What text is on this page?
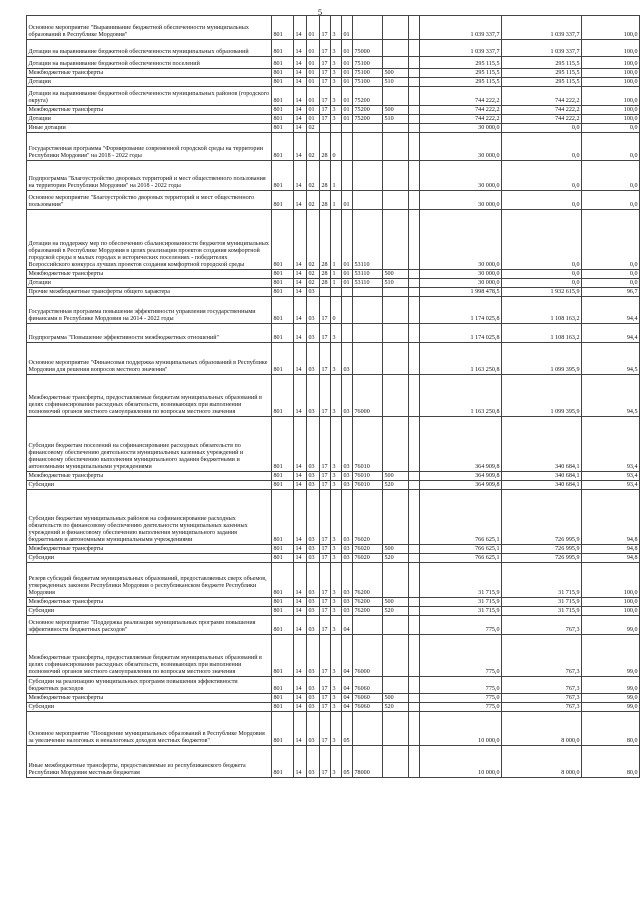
5
Основное мероприятие "Выравнивание бюджетной обеспеченности муниципальных образований в Республике Мордовия"	801	14	01	17	3	01				1 039 337,7	1 039 337,7	100,0
Дотации на выравнивание бюджетной обеспеченности муниципальных образований	801	14	01	17	3	01	75000			1 039 337,7	1 039 337,7	100,0
Дотации на выравнивание бюджетной обеспеченности поселений	801	14	01	17	3	01	75100			295 115,5	295 115,5	100,0
Межбюджетные трансферты	801	14	01	17	3	01	75100	500		295 115,5	295 115,5	100,0
Дотации	801	14	01	17	3	01	75100	510		295 115,5	295 115,5	100,0
Дотации на выравнивание бюджетной обеспеченности муниципальных районов (городского округа)	801	14	01	17	3	01	75200			744 222,2	744 222,2	100,0
Межбюджетные трансферты	801	14	01	17	3	01	75200	500		744 222,2	744 222,2	100,0
Дотации	801	14	01	17	3	01	75200	510		744 222,2	744 222,2	100,0
Иные дотации	801	14	02							30 000,0	0,0	0,0
Государственная программа "Формирование современной городской среды на территории Республики Мордовия" на 2018 - 2022 годы	801	14	02	28	0					30 000,0	0,0	0,0
Подпрограмма "Благоустройство дворовых территорий и мест общественного пользования на территории Республики Мордовия" на 2018 - 2022 годы	801	14	02	28	1					30 000,0	0,0	0,0
Основное мероприятие "Благоустройство дворовых территорий и мест общественного пользования"	801	14	02	28	1	01				30 000,0	0,0	0,0
Дотации на поддержку мер по обеспечению сбалансированности бюджетов муниципальных образований в Республике Мордовия в целях реализации проектов создания комфортной городской среды в малых городах и исторических поселениях - победителях Всероссийского конкурса лучших проектов создания комфортной городской среды	801	14	02	28	1	01	53110			30 000,0	0,0	0,0
Межбюджетные трансферты	801	14	02	28	1	01	53110	500		30 000,0	0,0	0,0
Дотации	801	14	02	28	1	01	53110	510		30 000,0	0,0	0,0
Прочие межбюджетные трансферты общего характера	801	14	03							1 998 478,5	1 932 615,9	96,7
Государственная программа повышения эффективности управления государственными финансами в Республике Мордовия на 2014 - 2022 годы	801	14	03	17	0					1 174 025,8	1 108 163,2	94,4
Подпрограмма "Повышение эффективности межбюджетных отношений"	801	14	03	17	3					1 174 025,8	1 108 163,2	94,4
Основное мероприятие "Финансовая поддержка муниципальных образований в Республике Мордовия для решения вопросов местного значения"	801	14	03	17	3	03				1 163 250,8	1 099 395,9	94,5
Межбюджетные трансферты, предоставляемые бюджетам муниципальных образований в целях софинансирования расходных обязательств, возникающих при выполнении полномочий органов местного самоуправления по вопросам местного значения	801	14	03	17	3	03	76000			1 163 250,8	1 099 395,9	94,5
Субсидии бюджетам поселений на софинансирование расходных обязательств по финансовому обеспечению деятельности муниципальных казенных учреждений и финансовому обеспечению выполнения муниципального задания бюджетными и автономными муниципальными учреждениями	801	14	03	17	3	03	76010			364 909,8	340 684,1	93,4
Межбюджетные трансферты	801	14	03	17	3	03	76010	500		364 909,8	340 684,1	93,4
Субсидии	801	14	03	17	3	03	76010	520		364 909,8	340 684,1	93,4
Субсидии бюджетам муниципальных районов на софинансирование расходных обязательств по финансовому обеспечению деятельности муниципальных казенных учреждений и финансовому обеспечению выполнения муниципального задания бюджетными и автономными муниципальными учреждениями	801	14	03	17	3	03	76020			766 625,1	726 995,9	94,8
Межбюджетные трансферты	801	14	03	17	3	03	76020	500		766 625,1	726 995,9	94,8
Субсидии	801	14	03	17	3	03	76020	520		766 625,1	726 995,9	94,8
Резерв субсидий бюджетам муниципальных образований, предоставляемых сверх объемов, утвержденных законом Республики Мордовия о республиканском бюджете Республики Мордовия	801	14	03	17	3	03	76200			31 715,9	31 715,9	100,0
Межбюджетные трансферты	801	14	03	17	3	03	76200	500		31 715,9	31 715,9	100,0
Субсидии	801	14	03	17	3	03	76200	520		31 715,9	31 715,9	100,0
Основное мероприятие "Поддержка реализации муниципальных программ повышения эффективности бюджетных расходов"	801	14	03	17	3	04				775,0	767,3	99,0
Межбюджетные трансферты, предоставляемые бюджетам муниципальных образований в целях софинансирования расходных обязательств, возникающих при выполнении полномочий органов местного самоуправления по вопросам местного значения	801	14	03	17	3	04	76000			775,0	767,3	99,0
Субсидии на реализацию муниципальных программ повышения эффективности бюджетных расходов	801	14	03	17	3	04	76060			775,0	767,3	99,0
Межбюджетные трансферты	801	14	03	17	3	04	76060	500		775,0	767,3	99,0
Субсидии	801	14	03	17	3	04	76060	520		775,0	767,3	99,0
Основное мероприятие "Поощрение муниципальных образований в Республике Мордовия за увеличение налоговых и неналоговых доходов местных бюджетов"	801	14	03	17	3	05				10 000,0	8 000,0	80,0
Иные межбюджетные трансферты, предоставляемые из республиканского бюджета Республики Мордовия местным бюджетам	801	14	03	17	3	05	78000			10 000,0	8 000,0	80,0
